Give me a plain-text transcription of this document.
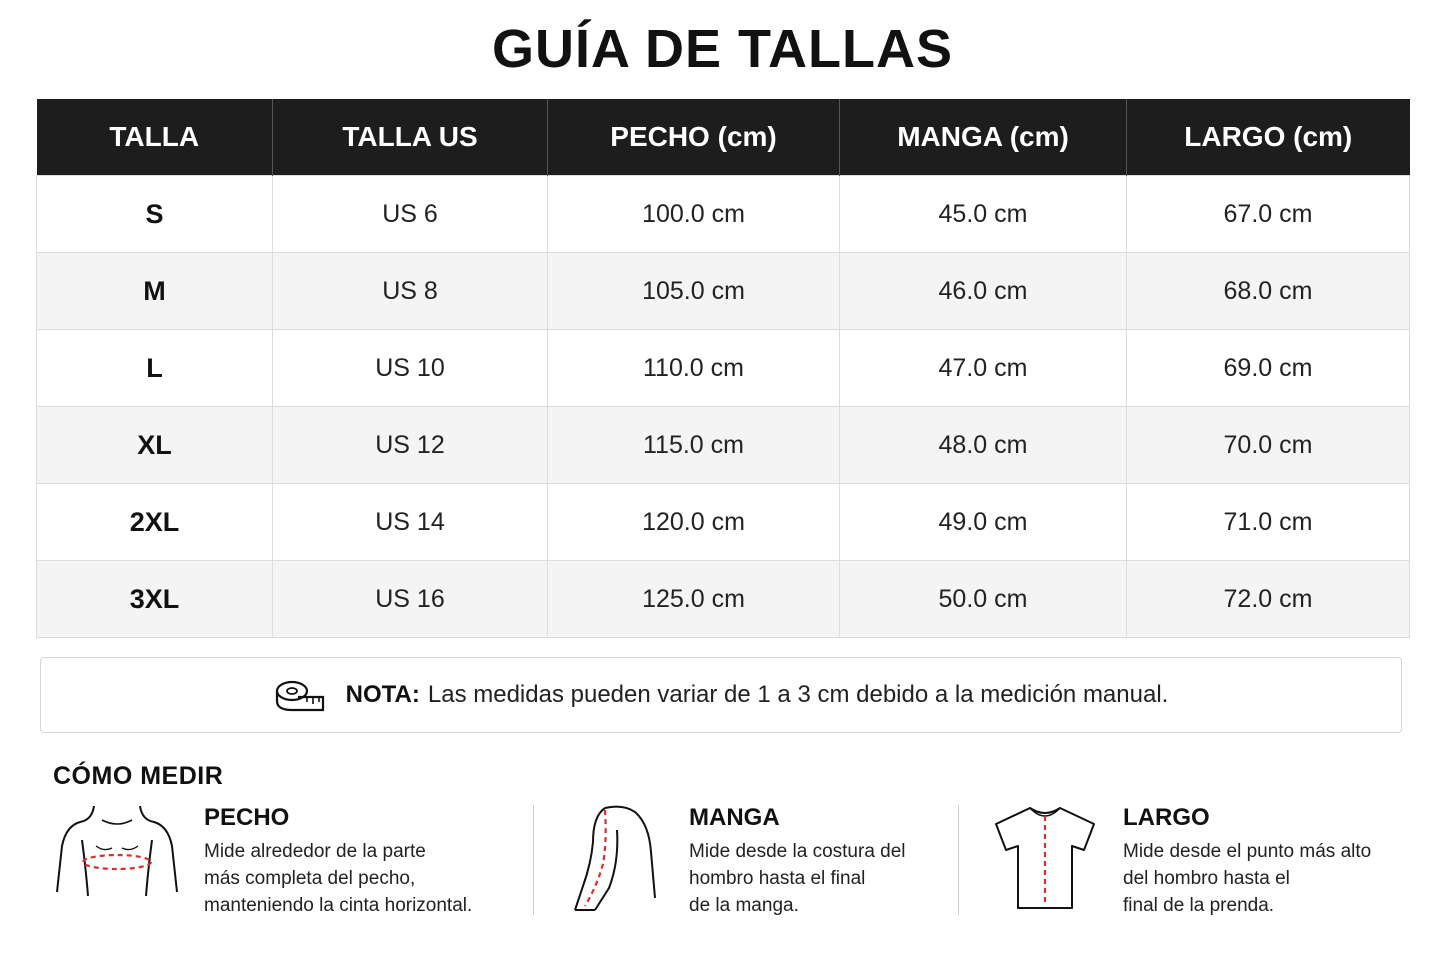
GUÍA DE TALLAS
TALLA	TALLA US	PECHO (cm)	MANGA (cm)	LARGO (cm)
S	US 6	100.0 cm	45.0 cm	67.0 cm
M	US 8	105.0 cm	46.0 cm	68.0 cm
L	US 10	110.0 cm	47.0 cm	69.0 cm
XL	US 12	115.0 cm	48.0 cm	70.0 cm
2XL	US 14	120.0 cm	49.0 cm	71.0 cm
3XL	US 16	125.0 cm	50.0 cm	72.0 cm
NOTA: Las medidas pueden variar de 1 a 3 cm debido a la medición manual.
CÓMO MEDIR
PECHO
Mide alrededor de la parte
más completa del pecho,
manteniendo la cinta horizontal.
MANGA
Mide desde la costura del
hombro hasta el final
de la manga.
LARGO
Mide desde el punto más alto
del hombro hasta el
final de la prenda.
